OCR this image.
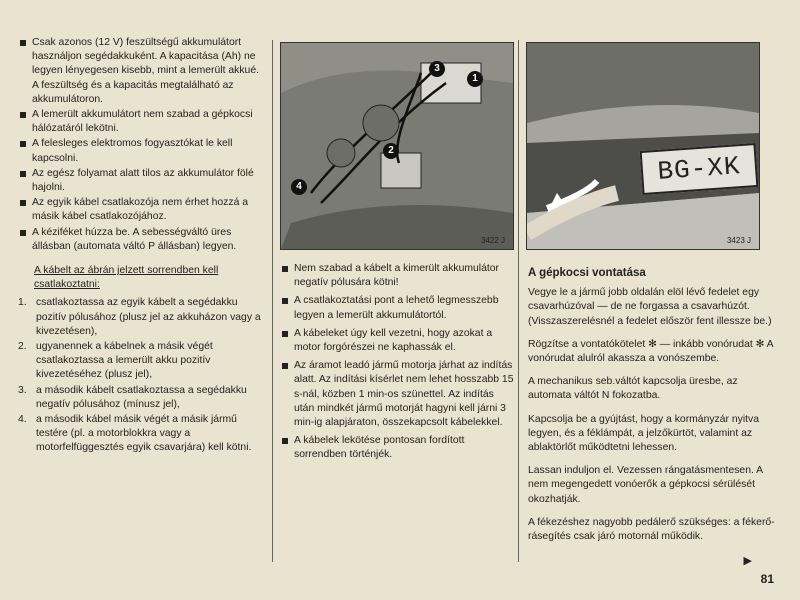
Csak azonos (12 V) feszültségű akkumulátort használjon segédakkuként. A kapacitása (Ah) ne legyen lényegesen kisebb, mint a lemerült akkué. A feszültség és a kapacitás megtalálható az akkumulátoron.
A lemerült akkumulátort nem szabad a gépkocsi hálózatáról lekötni.
A felesleges elektromos fogyasztókat le kell kapcsolni.
Az egész folyamat alatt tilos az akkumulátor fölé hajolni.
Az egyik kábel csatlakozója nem érhet hozzá a másik kábel csatlakozójához.
A kéziféket húzza be. A sebességváltó üres állásban (automata váltó P állásban) legyen.
A kábelt az ábrán jelzett sorrendben kell csatlakoztatni:
1. csatlakoztassa az egyik kábelt a segédakku pozitív pólusához (plusz jel az akkuházon vagy a kivezetésen),
2. ugyanennek a kábelnek a másik végét csatlakoztassa a lemerült akku pozitív kivezetéséhez (plusz jel),
3. a második kábelt csatlakoztassa a segédakku negatív pólusához (mínusz jel),
4. a második kábel másik végét a másik jármű testére (pl. a motorblokkra vagy a motorfelfüggesztés egyik csavarjára) kell kötni.
1
2
3
4
3422 J
Nem szabad a kábelt a kimerült akkumulátor negatív pólusára kötni!
A csatlakoztatási pont a lehető legmesszebb legyen a lemerült akkumulátortól.
A kábeleket úgy kell vezetni, hogy azokat a motor forgórészei ne kaphassák el.
Az áramot leadó jármű motorja járhat az indítás alatt. Az indítási kísérlet nem lehet hosszabb 15 s-nál, közben 1 min-os szünettel. Az indítás után mindkét jármű motorját hagyni kell járni 3 min-ig alapjáraton, összekapcsolt kábelekkel.
A kábelek lekötése pontosan fordított sorrendben történjék.
BG-XK
3423 J
A gépkocsi vontatása
Vegye le a jármű jobb oldalán elöl lévő fedelet egy csavarhúzóval — de ne forgassa a csavarhúzót. (Visszaszerelésnél a fedelet először fent illessze be.)
Rögzítse a vontatókötelet ✻ — inkább vonórudat ✻ A vonórudat alulról akassza a vonószembe.
A mechanikus seb.váltót kapcsolja üresbe, az automata váltót N fokozatba.
Kapcsolja be a gyújtást, hogy a kormányzár nyitva legyen, és a féklámpát, a jelzőkürtöt, valamint az ablaktörlőt működtetni lehessen.
Lassan induljon el. Vezessen rángatásmentesen. A nem megengedett vonóerők a gépkocsi sérülését okozhatják.
A fékezéshez nagyobb pedálerő szükséges: a fékerő-rásegítés csak járó motornál működik.
▶
81
